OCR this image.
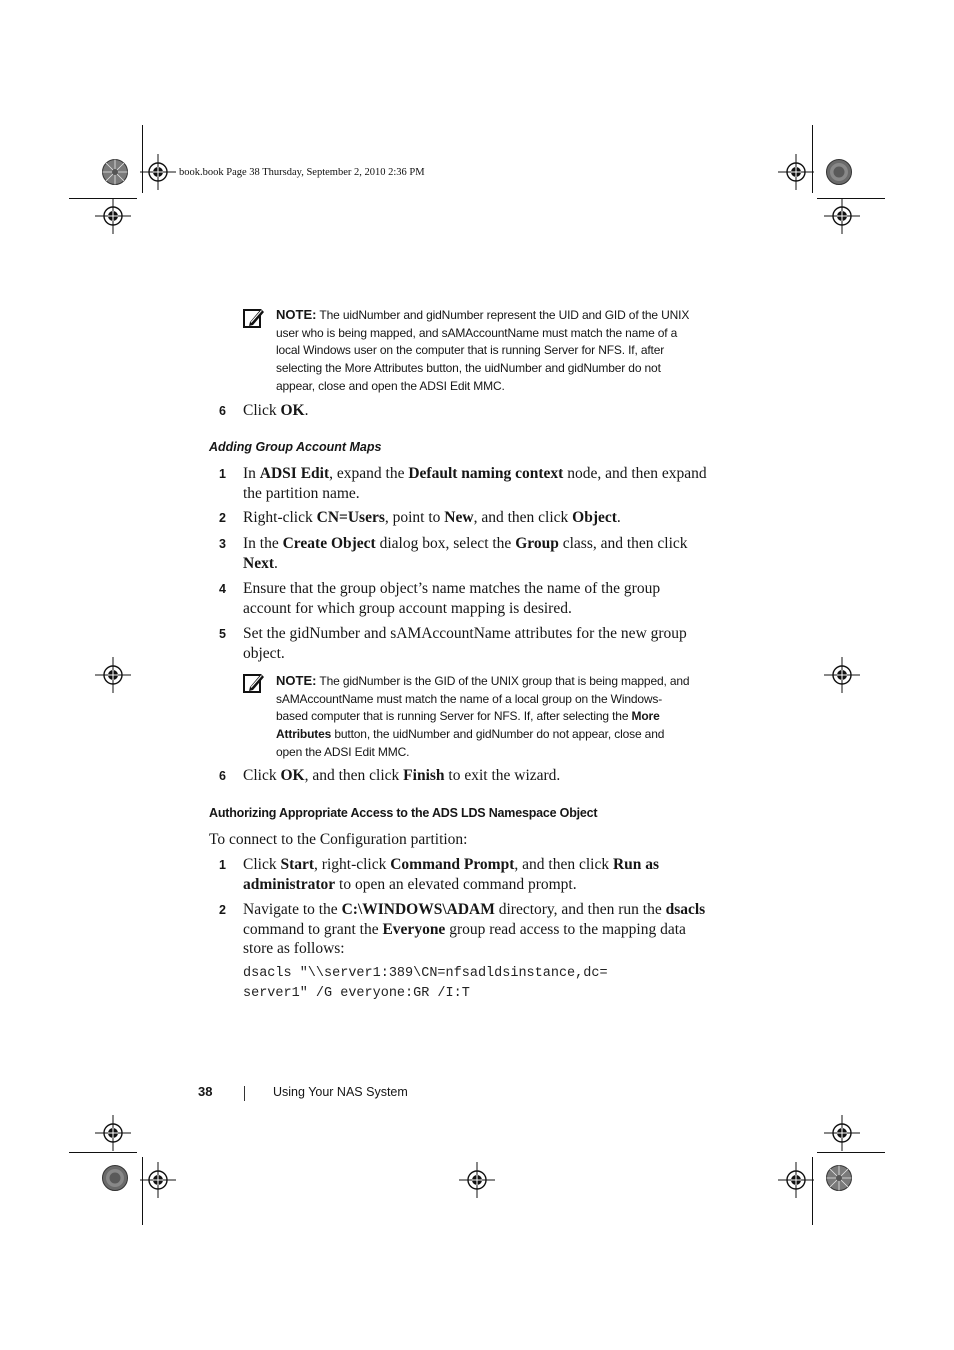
book.book Page 38 Thursday, September 2, 2010 2:36 PM
NOTE: The uidNumber and gidNumber represent the UID and GID of the UNIX
user who is being mapped, and sAMAccountName must match the name of a
local Windows user on the computer that is running Server for NFS. If, after
selecting the More Attributes button, the uidNumber and gidNumber do not
appear, close and open the ADSI Edit MMC.
6	Click OK.
Adding Group Account Maps
1	In ADSI Edit, expand the Default naming context node, and then expand
the partition name.
2	Right-click CN=Users, point to New, and then click Object.
3	In the Create Object dialog box, select the Group class, and then click
Next.
4	Ensure that the group object’s name matches the name of the group
account for which group account mapping is desired.
5	Set the gidNumber and sAMAccountName attributes for the new group
object.
NOTE: The gidNumber is the GID of the UNIX group that is being mapped, and
sAMAccountName must match the name of a local group on the Windows-
based computer that is running Server for NFS. If, after selecting the More
Attributes button, the uidNumber and gidNumber do not appear, close and
open the ADSI Edit MMC.
6	Click OK, and then click Finish to exit the wizard.
Authorizing Appropriate Access to the ADS LDS Namespace Object
To connect to the Configuration partition:
1	Click Start, right-click Command Prompt, and then click Run as
administrator to open an elevated command prompt.
2	Navigate to the C:\WINDOWS\ADAM directory, and then run the dsacls
command to grant the Everyone group read access to the mapping data
store as follows:
dsacls "\\server1:389\CN=nfsadldsinstance,dc=
server1" /G everyone:GR /I:T
38	Using Your NAS System
